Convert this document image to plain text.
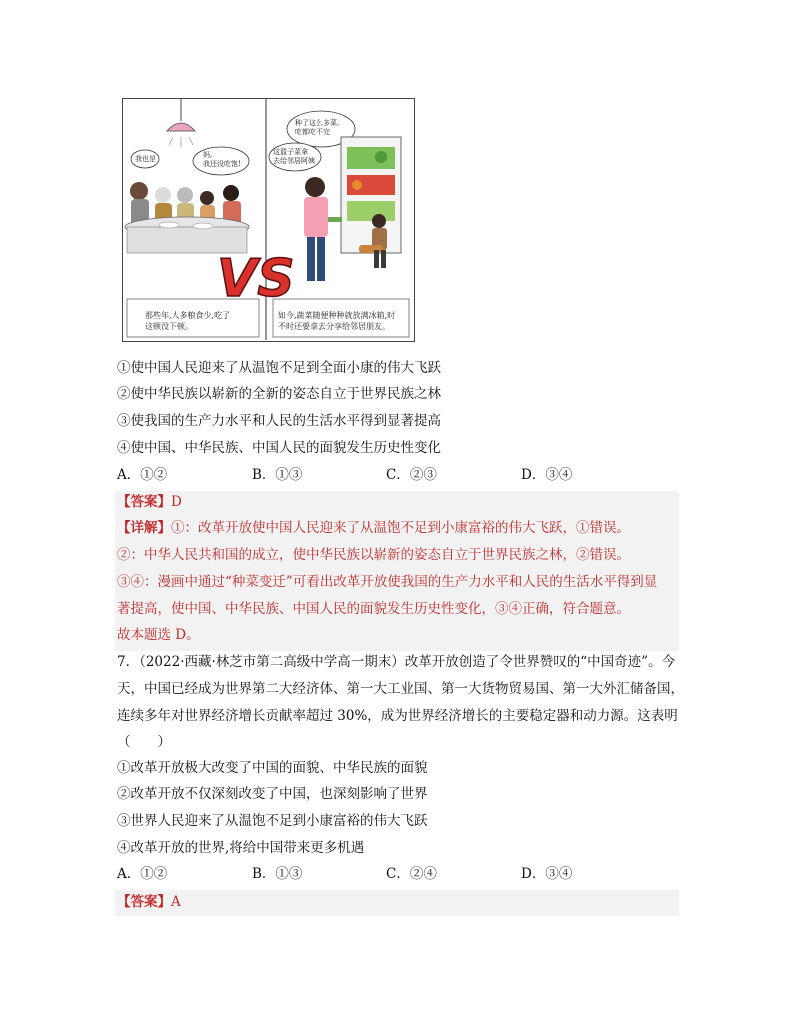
VS
那些年,人多粮食少,吃了
这顿没下顿。
如今,蔬菜随便种种就放满冰箱,时
不时还要拿去分享给邻居朋友。
我也是	妈,
我还没吃饱!
种了这么多菜,
吃都吃不完
这篮子菜拿
去给邻居阿姨
①使中国人民迎来了从温饱不足到全面小康的伟大飞跃
②使中华民族以崭新的全新的姿态自立于世界民族之林
③使我国的生产力水平和人民的生活水平得到显著提高
④使中国、中华民族、中国人民的面貌发生历史性变化
A．①②	B．①③	C．②③	D．③④
【答案】D
【详解】①：改革开放使中国人民迎来了从温饱不足到小康富裕的伟大飞跃，①错误。
②：中华人民共和国的成立，使中华民族以崭新的姿态自立于世界民族之林，②错误。
③④：漫画中通过“种菜变迁”可看出改革开放使我国的生产力水平和人民的生活水平得到显
著提高，使中国、中华民族、中国人民的面貌发生历史性变化，③④正确，符合题意。
故本题选 D。
7．（2022·西藏·林芝市第二高级中学高一期末）改革开放创造了令世界赞叹的“中国奇迹”。今
天，中国已经成为世界第二大经济体、第一大工业国、第一大货物贸易国、第一大外汇储备国，
连续多年对世界经济增长贡献率超过 30%，成为世界经济增长的主要稳定器和动力源。这表明
（　　）
①改革开放极大改变了中国的面貌、中华民族的面貌
②改革开放不仅深刻改变了中国，也深刻影响了世界
③世界人民迎来了从温饱不足到小康富裕的伟大飞跃
④改革开放的世界,将给中国带来更多机遇
A．①②	B．①③	C．②④	D．③④
【答案】A
